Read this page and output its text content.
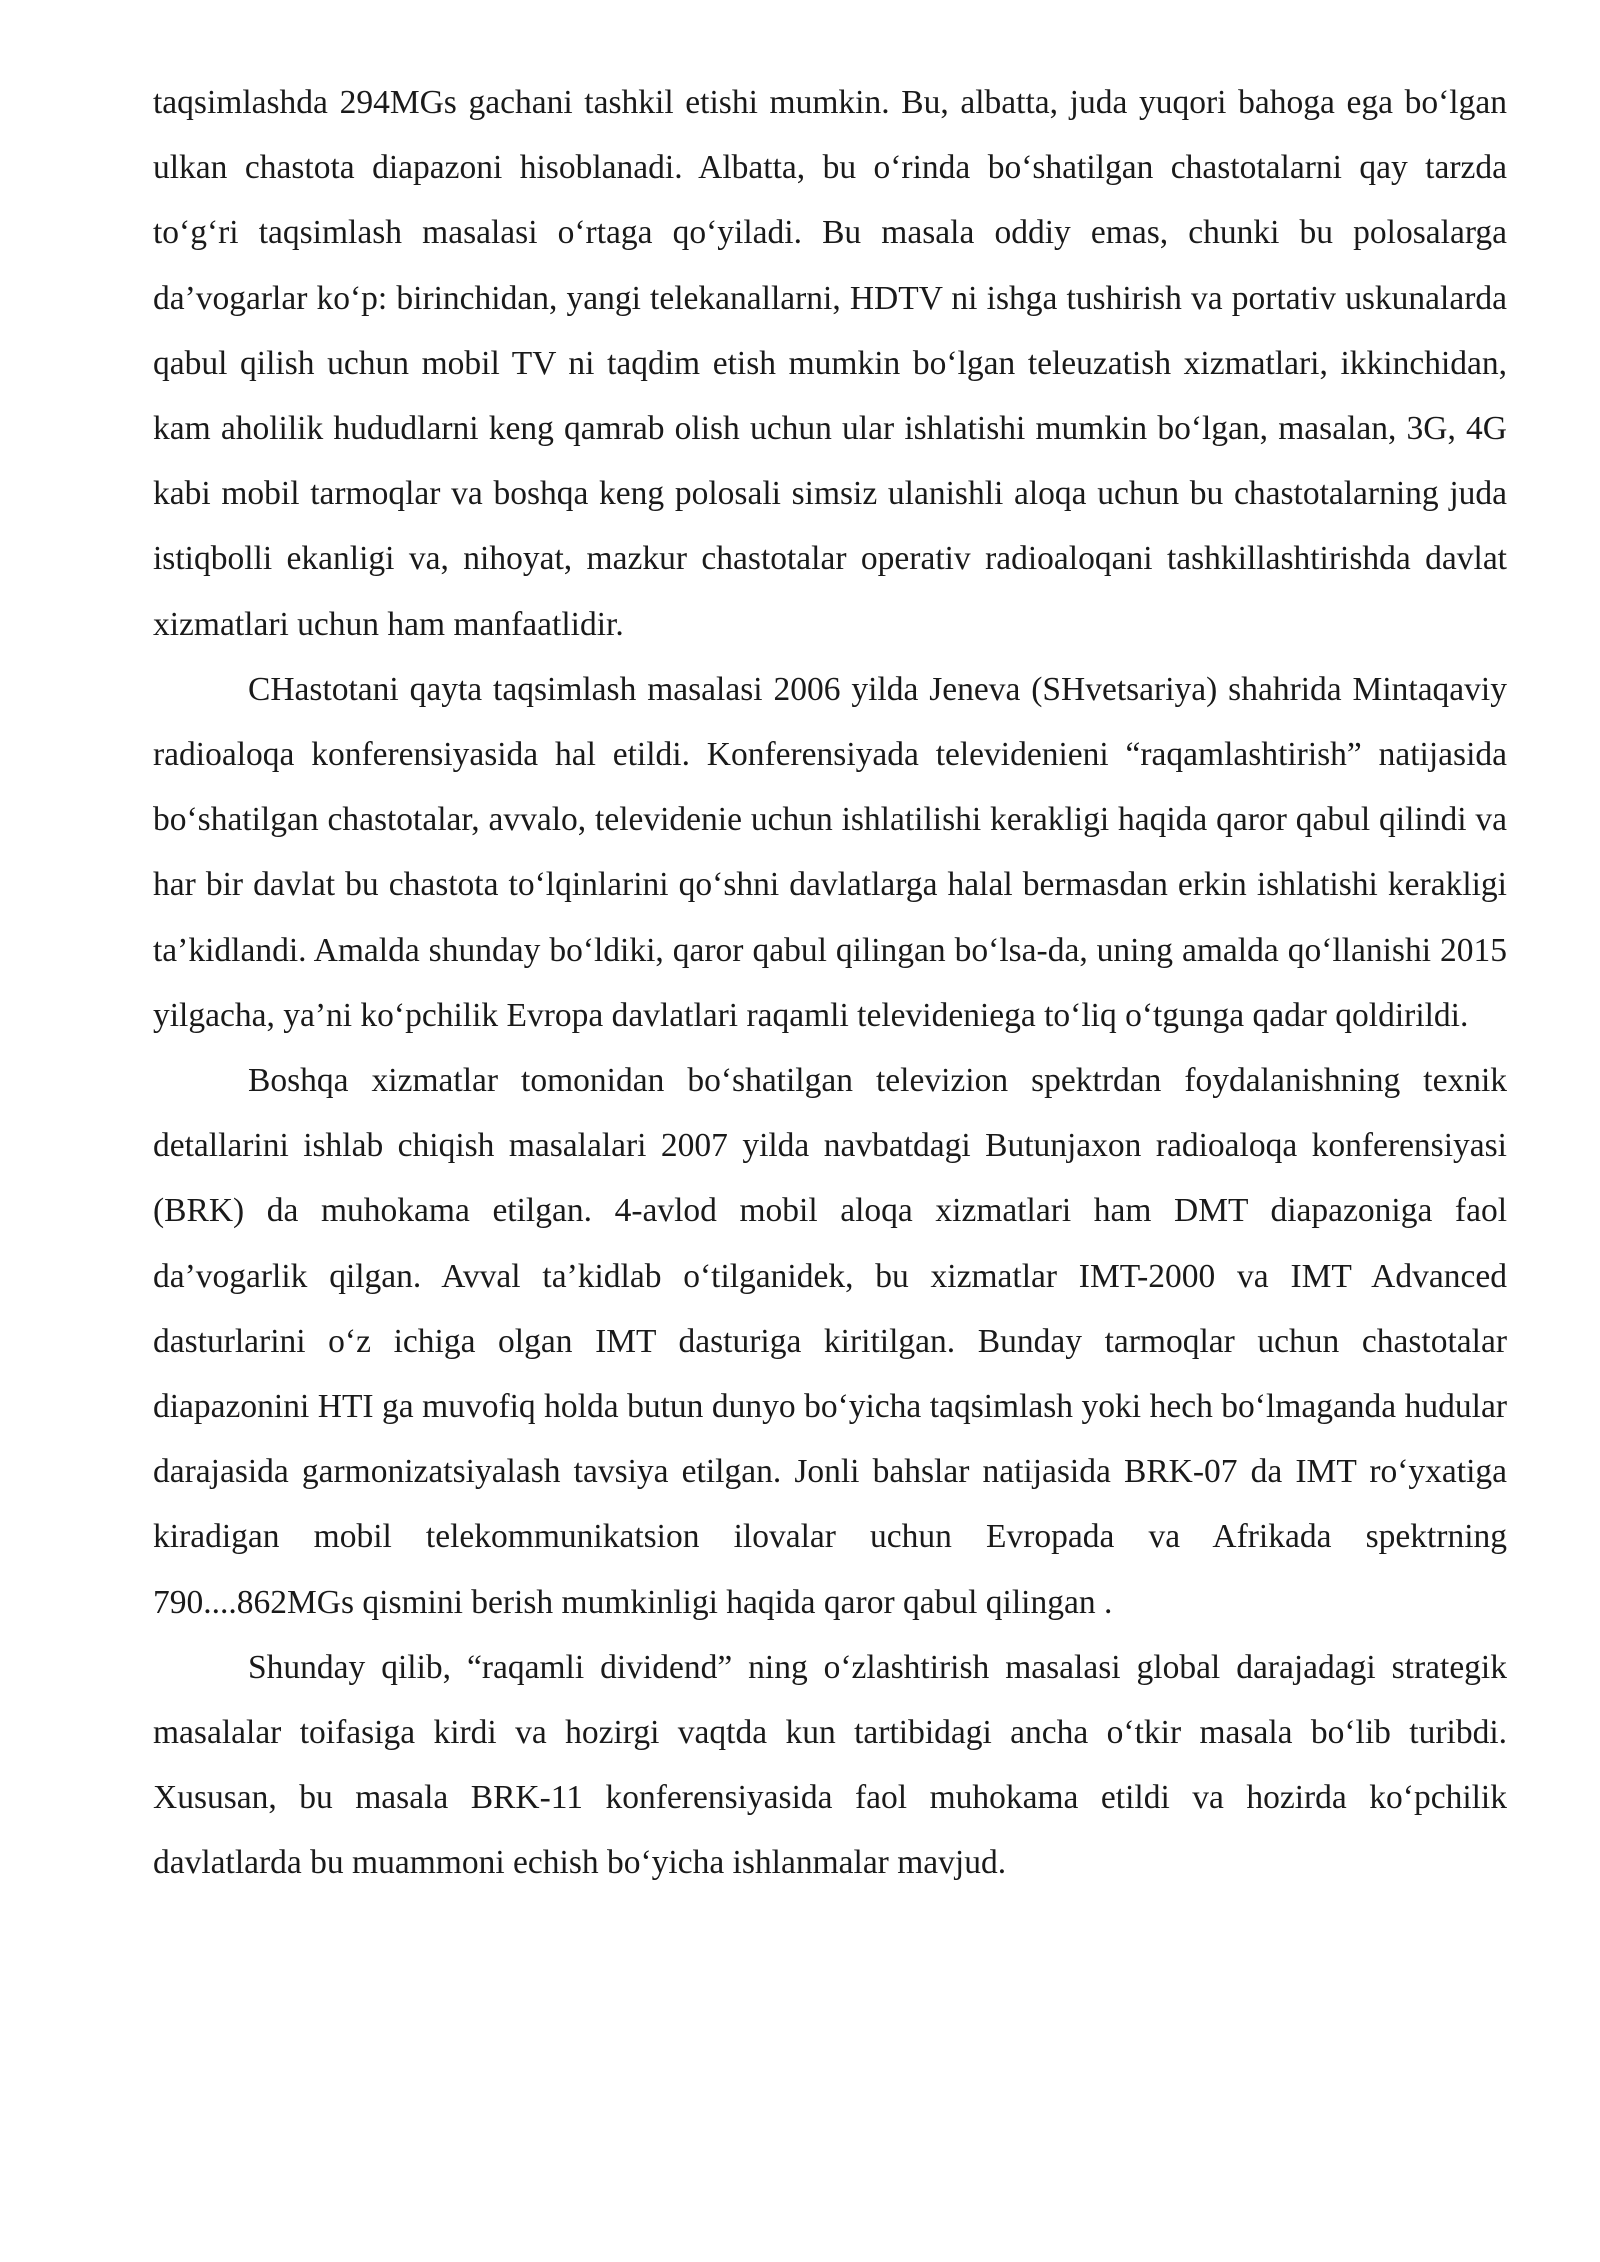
taqsimlashda 294MGs gachani tashkil etishi mumkin. Bu, albatta, juda yuqori bahoga ega boʻlgan ulkan chastota diapazoni hisoblanadi. Albatta, bu oʻrinda boʻshatilgan chastotalarni qay tarzda toʻgʻri taqsimlash masalasi oʻrtaga qoʻyiladi. Bu masala oddiy emas, chunki bu polosalarga da’vogarlar koʻp: birinchidan, yangi telekanallarni, HDTV ni ishga tushirish va portativ uskunalarda qabul qilish uchun mobil TV ni taqdim etish mumkin boʻlgan teleuzatish xizmatlari, ikkinchidan, kam aholilik hududlarni keng qamrab olish uchun ular ishlatishi mumkin boʻlgan, masalan, 3G, 4G kabi mobil tarmoqlar va boshqa keng polosali simsiz ulanishli aloqa uchun bu chastotalarning juda istiqbolli ekanligi va, nihoyat, mazkur chastotalar operativ radioaloqani tashkillashtirishda davlat xizmatlari uchun ham manfaatlidir.

CHastotani qayta taqsimlash masalasi 2006 yilda Jeneva (SHvetsariya) shahrida Mintaqaviy radioaloqa konferensiyasida hal etildi. Konferensiyada televidenieni “raqamlashtirish” natijasida boʻshatilgan chastotalar, avvalo, televidenie uchun ishlatilishi kerakligi haqida qaror qabul qilindi va har bir davlat bu chastota toʻlqinlarini qoʻshni davlatlarga halal bermasdan erkin ishlatishi kerakligi ta’kidlandi. Amalda shunday boʻldiki, qaror qabul qilingan boʻlsa-da, uning amalda qoʻllanishi 2015 yilgacha, ya’ni koʻpchilik Evropa davlatlari raqamli televideniega toʻliq oʻtgunga qadar qoldirildi.

Boshqa xizmatlar tomonidan boʻshatilgan televizion spektrdan foydalanishning texnik detallarini ishlab chiqish masalalari 2007 yilda navbatdagi Butunjaxon radioaloqa konferensiyasi (BRK) da muhokama etilgan. 4-avlod mobil aloqa xizmatlari ham DMT diapazoniga faol da’vogarlik qilgan. Avval ta’kidlab oʻtilganidek, bu xizmatlar IMT-2000 va IMT Advanced dasturlarini oʻz ichiga olgan IMT dasturiga kiritilgan. Bunday tarmoqlar uchun chastotalar diapazonini HTI ga muvofiq holda butun dunyo boʻyicha taqsimlash yoki hech boʻlmaganda hudular darajasida garmonizatsiyalash tavsiya etilgan. Jonli bahslar natijasida BRK-07 da IMT roʻyxatiga kiradigan mobil telekommunikatsion ilovalar uchun Evropada va Afrikada spektrning 790....862MGs qismini berish mumkinligi haqida qaror qabul qilingan .

Shunday qilib, “raqamli dividend” ning oʻzlashtirish masalasi global darajadagi strategik masalalar toifasiga kirdi va hozirgi vaqtda kun tartibidagi ancha oʻtkir masala boʻlib turibdi. Xususan, bu masala BRK-11 konferensiyasida faol muhokama etildi va hozirda koʻpchilik davlatlarda bu muammoni echish boʻyicha ishlanmalar mavjud.
